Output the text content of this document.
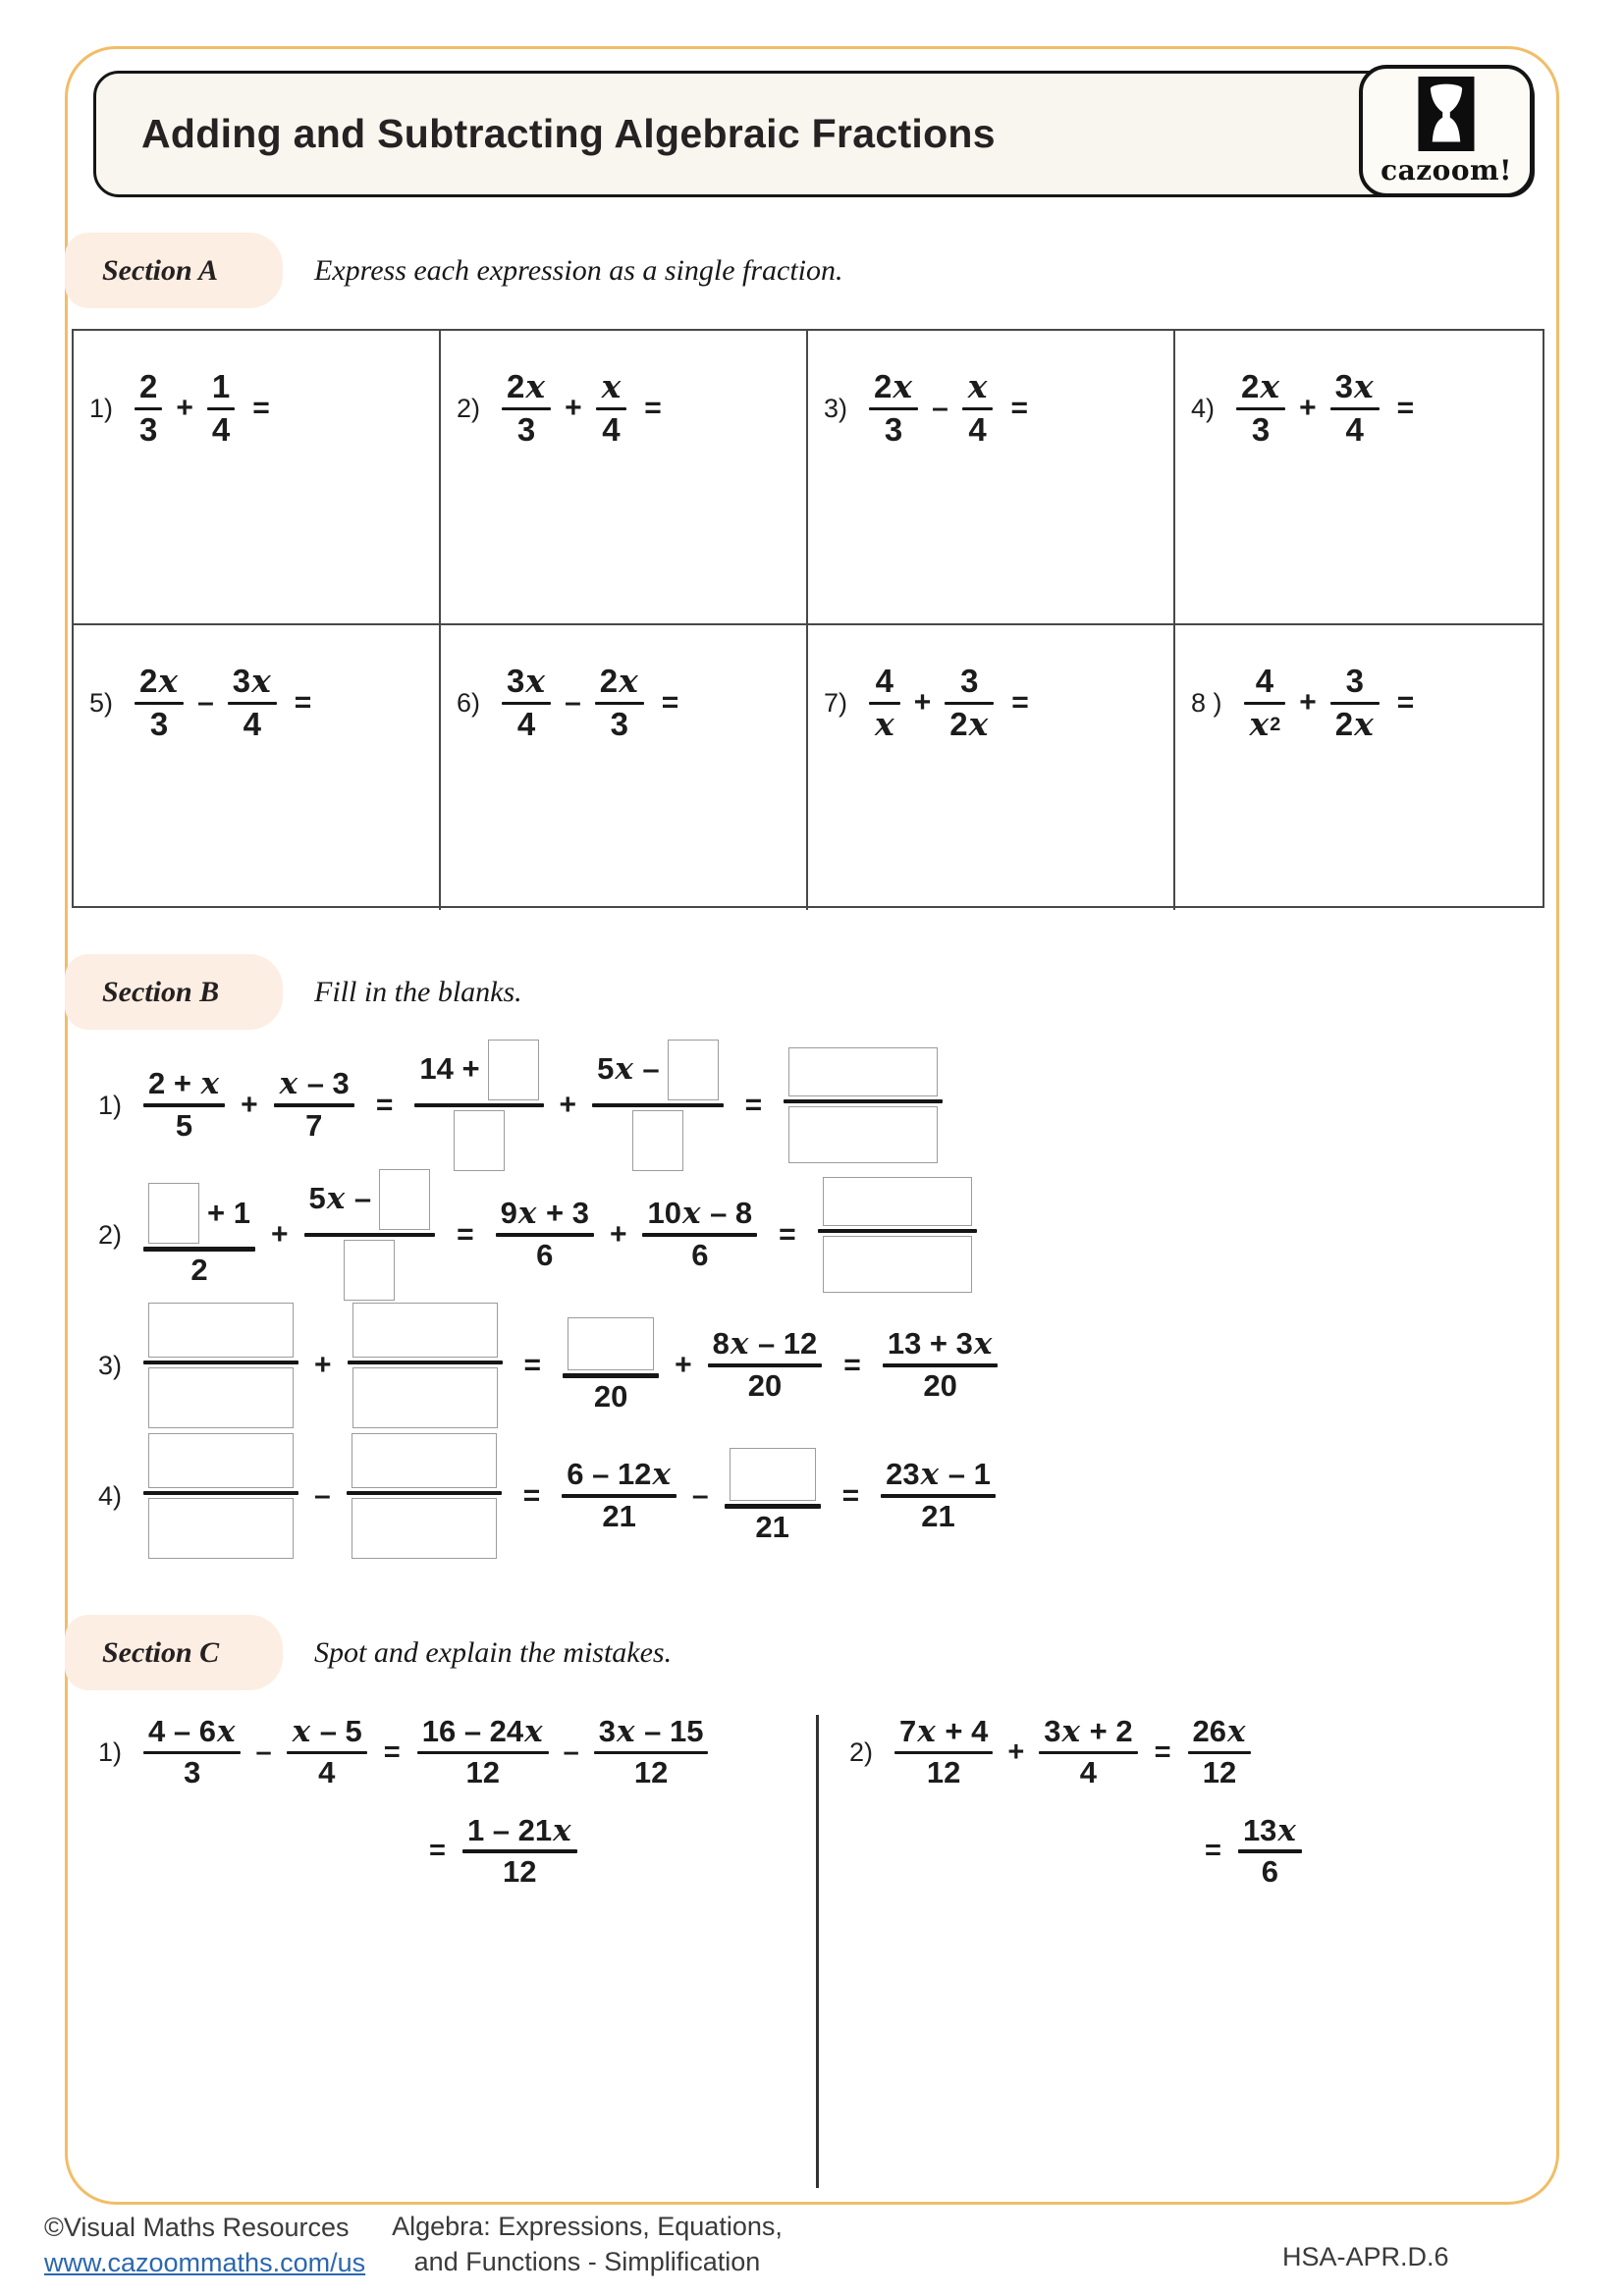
Adding and Subtracting Algebraic Fractions
cazoom!
Section A	Express each expression as a single fraction.
$1) \frac{2}{3} + \frac{1}{4}$ =	$2) \frac{2 x}{3} + \frac{x}{4}$ =	$3) \frac{2 x}{3} - \frac{x}{4}$ =	$4) \frac{2 x}{3} + \frac{3 x}{4}$ =
$5) \frac{2 x}{3} - \frac{3 x}{4}$ =	$6) \frac{3 x}{4} - \frac{2 x}{3}$ =	$7) \frac{4}{x} + \frac{3}{2 x}$ =	8 ) $\frac{4}{x 2} + \frac{3}{2 x}$ =
Section B	Fill in the blanks.
1)
2 + x
5
+
x – 3
7
=
14 +
+
5x –
=
2)
+ 1
2
+
5x –
=
9 x + 3
6
+
10 x – 8
6
=
3)	+	=
20
+
8 x – 12
20
=
13 + 3 x
20
4)	–	=
6 – 12 x
21
–
21
=
23 x – 1
21
Section C	Spot and explain the mistakes.
$1) \frac{4 - 6 x}{3} - \frac{x - 5}{4} = \frac{16 - 24 x}{12} - \frac{3 x - 15}{12}$
= $\frac{1 - 21 x}{12}$
$2) \frac{7 x + 4}{12} + \frac{3 x + 2}{4} = \frac{26 x}{12}$
= $\frac{13 x}{6}$
©Visual Maths Resources
www.cazoommaths.com/us
Algebra: Expressions, Equations,
and Functions - Simplification	HSA-APR.D.6
